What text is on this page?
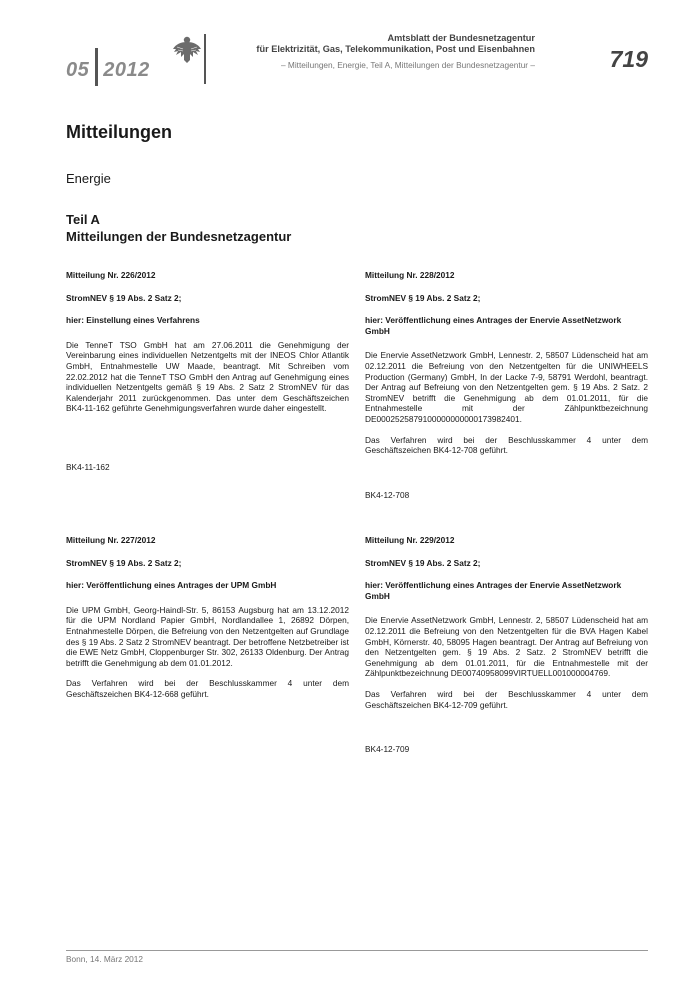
05 2012
Amtsblatt der Bundesnetzagentur
für Elektrizität, Gas, Telekommunikation, Post und Eisenbahnen
– Mitteilungen, Energie, Teil A, Mitteilungen der Bundesnetzagentur –	719
Mitteilungen
Energie
Teil A
Mitteilungen der Bundesnetzagentur

Mitteilung Nr. 226/2012

StromNEV § 19 Abs. 2 Satz 2;

hier: Einstellung eines Verfahrens

Die TenneT TSO GmbH hat am 27.06.2011 die Genehmigung der Vereinbarung eines individuellen Netzentgelts mit der INEOS Chlor Atlantik GmbH, Entnahmestelle UW Maade, beantragt. Mit Schreiben vom 22.02.2012 hat die TenneT TSO GmbH den Antrag auf Genehmigung eines individuellen Netzentgelts gemäß § 19 Abs. 2 Satz 2 StromNEV für das Kalenderjahr 2011 zurückgenommen. Das unter dem Geschäftszeichen BK4-11-162 geführte Genehmigungsverfahren wurde daher eingestellt.

BK4-11-162

Mitteilung Nr. 228/2012

StromNEV § 19 Abs. 2 Satz 2;

hier: Veröffentlichung eines Antrages der Enervie AssetNetzwork GmbH

Die Enervie AssetNetzwork GmbH, Lennestr. 2, 58507 Lüdenscheid hat am 02.12.2011 die Befreiung von den Netzentgelten für die UNIWHEELS Production (Germany) GmbH, In der Lacke 7-9, 58791 Werdohl, beantragt. Der Antrag auf Befreiung von den Netzentgelten gem. § 19 Abs. 2 Satz. 2 StromNEV betrifft die Genehmigung ab dem 01.01.2011, für die Entnahmestelle mit der Zählpunktbezeichnung DE0002525879100000000000173982401.

Das Verfahren wird bei der Beschlusskammer 4 unter dem Geschäftszeichen BK4-12-708 geführt.

BK4-12-708

Mitteilung Nr. 227/2012

StromNEV § 19 Abs. 2 Satz 2;

hier: Veröffentlichung eines Antrages der UPM GmbH

Die UPM GmbH, Georg-Haindl-Str. 5, 86153 Augsburg hat am 13.12.2012 für die UPM Nordland Papier GmbH, Nordlandallee 1, 26892 Dörpen, Entnahmestelle Dörpen, die Befreiung von den Netzentgelten auf Grundlage des § 19 Abs. 2 Satz 2 StromNEV beantragt. Der betroffene Netzbetreiber ist die EWE Netz GmbH, Cloppenburger Str. 302, 26133 Oldenburg. Der Antrag betrifft die Genehmigung ab dem 01.01.2012.

Das Verfahren wird bei der Beschlusskammer 4 unter dem Geschäftszeichen BK4-12-668 geführt.

Mitteilung Nr. 229/2012

StromNEV § 19 Abs. 2 Satz 2;

hier: Veröffentlichung eines Antrages der Enervie AssetNetzwork GmbH

Die Enervie AssetNetzwork GmbH, Lennestr. 2, 58507 Lüdenscheid hat am 02.12.2011 die Befreiung von den Netzentgelten für die BVA Hagen Kabel GmbH, Körnerstr. 40, 58095 Hagen beantragt. Der Antrag auf Befreiung von den Netzentgelten gem. § 19 Abs. 2 Satz. 2 StromNEV betrifft die Genehmigung ab dem 01.01.2011, für die Entnahmestelle mit der Zählpunktbezeichnung DE00740958099VIRTUELL001000004769.

Das Verfahren wird bei der Beschlusskammer 4 unter dem Geschäftszeichen BK4-12-709 geführt.

BK4-12-709

Bonn, 14. März 2012
